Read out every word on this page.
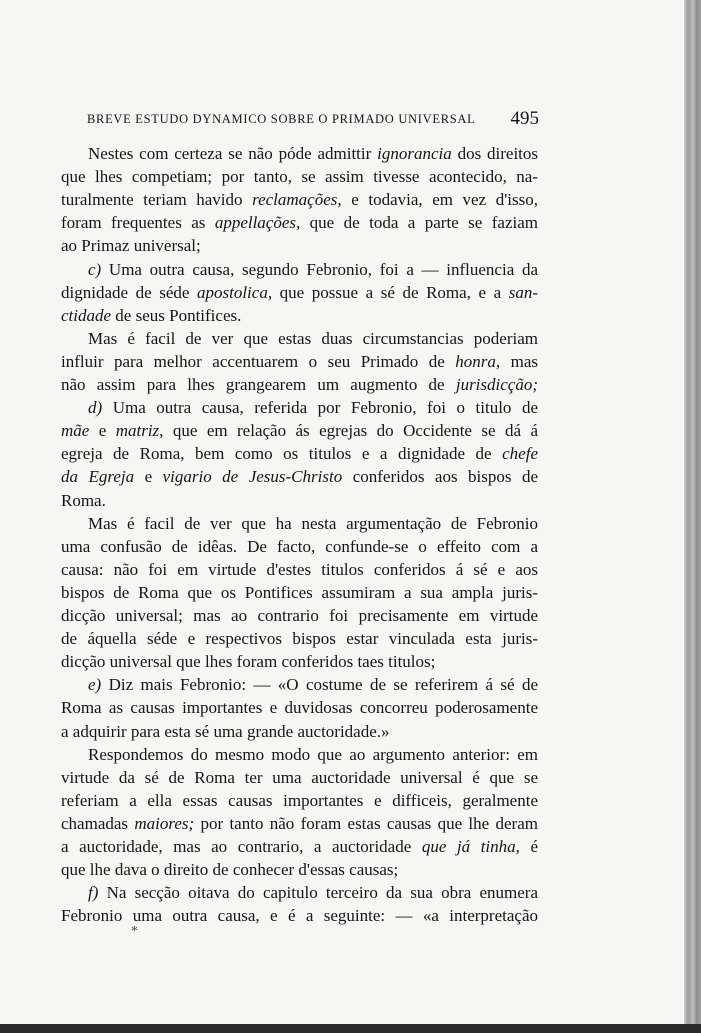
BREVE ESTUDO DYNAMICO SOBRE O PRIMADO UNIVERSAL 495
Nestes com certeza se não póde admittir ignorancia dos direitos
que lhes competiam; por tanto, se assim tivesse acontecido, na-
turalmente teriam havido reclamações, e todavia, em vez d'isso,
foram frequentes as appellações, que de toda a parte se faziam
ao Primaz universal;
c) Uma outra causa, segundo Febronio, foi a — influencia da
dignidade de séde apostolica, que possue a sé de Roma, e a san-
ctidade de seus Pontifices.
Mas é facil de ver que estas duas circumstancias poderiam
influir para melhor accentuarem o seu Primado de honra, mas
não assim para lhes grangearem um augmento de jurisdicção;
d) Uma outra causa, referida por Febronio, foi o titulo de
mãe e matriz, que em relação ás egrejas do Occidente se dá á
egreja de Roma, bem como os titulos e a dignidade de chefe
da Egreja e vigario de Jesus-Christo conferidos aos bispos de
Roma.
Mas é facil de ver que ha nesta argumentação de Febronio
uma confusão de idêas. De facto, confunde-se o effeito com a
causa: não foi em virtude d'estes titulos conferidos á sé e aos
bispos de Roma que os Pontifices assumiram a sua ampla juris-
dicção universal; mas ao contrario foi precisamente em virtude
de áquella séde e respectivos bispos estar vinculada esta juris-
dicção universal que lhes foram conferidos taes titulos;
e) Diz mais Febronio: — «O costume de se referirem á sé de
Roma as causas importantes e duvidosas concorreu poderosamente
a adquirir para esta sé uma grande auctoridade.»
Respondemos do mesmo modo que ao argumento anterior: em
virtude da sé de Roma ter uma auctoridade universal é que se
referiam a ella essas causas importantes e difficeis, geralmente
chamadas maiores; por tanto não foram estas causas que lhe deram
a auctoridade, mas ao contrario, a auctoridade que já tinha, é
que lhe dava o direito de conhecer d'essas causas;
f) Na secção oitava do capitulo terceiro da sua obra enumera
Febronio uma outra causa, e é a seguinte: — «a interpretação
*
